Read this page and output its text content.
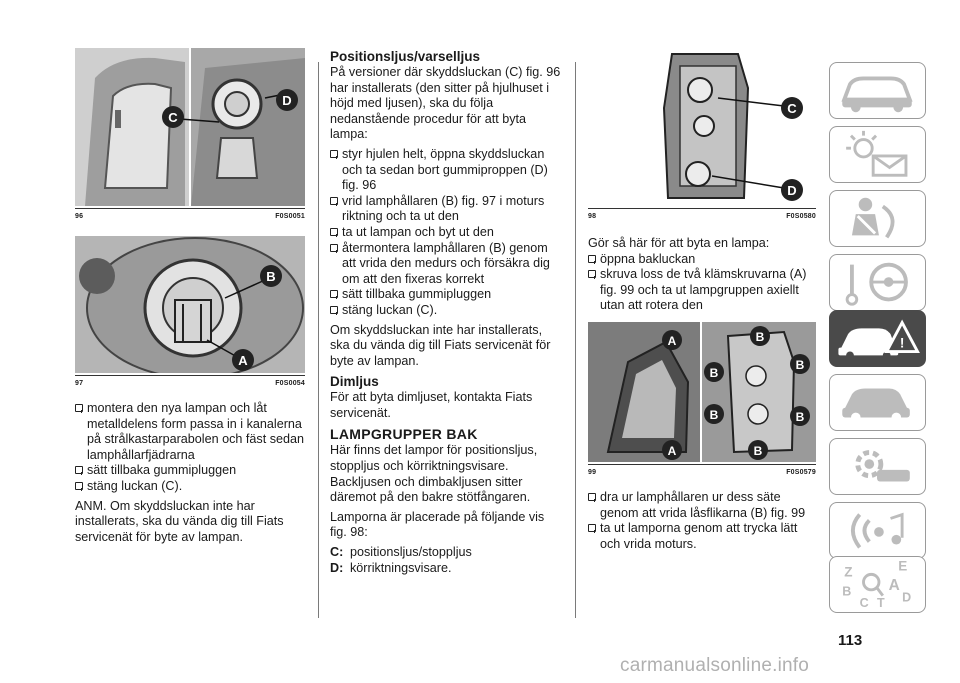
C
D
96	F0S0051
B
A
97	F0S0054

montera den nya lampan och låt metalldelens form passa in i kanalerna på strålkastarparabolen och fäst sedan lamphållarfjädrarna

sätt tillbaka gummipluggen

stäng luckan (C).

ANM. Om skyddsluckan inte har installerats, ska du vända dig till Fiats servicenät för byte av lampan.

Positionsljus/varselljus

På versioner där skyddsluckan (C) fig. 96 har installerats (den sitter på hjulhuset i höjd med ljusen), ska du följa nedanstående procedur för att byta lampa:

styr hjulen helt, öppna skyddsluckan och ta sedan bort gummiproppen (D) fig. 96

vrid lamphållaren (B) fig. 97 i moturs riktning och ta ut den

ta ut lampan och byt ut den

återmontera lamphållaren (B) genom att vrida den medurs och försäkra dig om att den fixeras korrekt

sätt tillbaka gummipluggen

stäng luckan (C).

Om skyddsluckan inte har installerats, ska du vända dig till Fiats servicenät för byte av lampan.

Dimljus

För att byta dimljuset, kontakta Fiats servicenät.

LAMPGRUPPER BAK

Här finns det lampor för positionsljus, stoppljus och körriktningsvisare. Backljusen och dimbakljusen sitter däremot på den bakre stötfångaren.

Lamporna är placerade på följande vis fig. 98:

C: positionsljus/stoppljus
D: körriktningsvisare.
C
D
98	F0S0580

Gör så här för att byta en lampa:

öppna bakluckan

skruva loss de två klämskruvarna (A) fig. 99 och ta ut lampgruppen axiellt utan att rotera den

A	B
B
B
B
A
B
B
99	F0S0579

dra ur lamphållaren ur dess säte genom att vrida låsflikarna (B) fig. 99

ta ut lamporna genom att trycka lätt och vrida moturs.

!
Z	E
A
B
C T D
113
carmanualsonline.info
